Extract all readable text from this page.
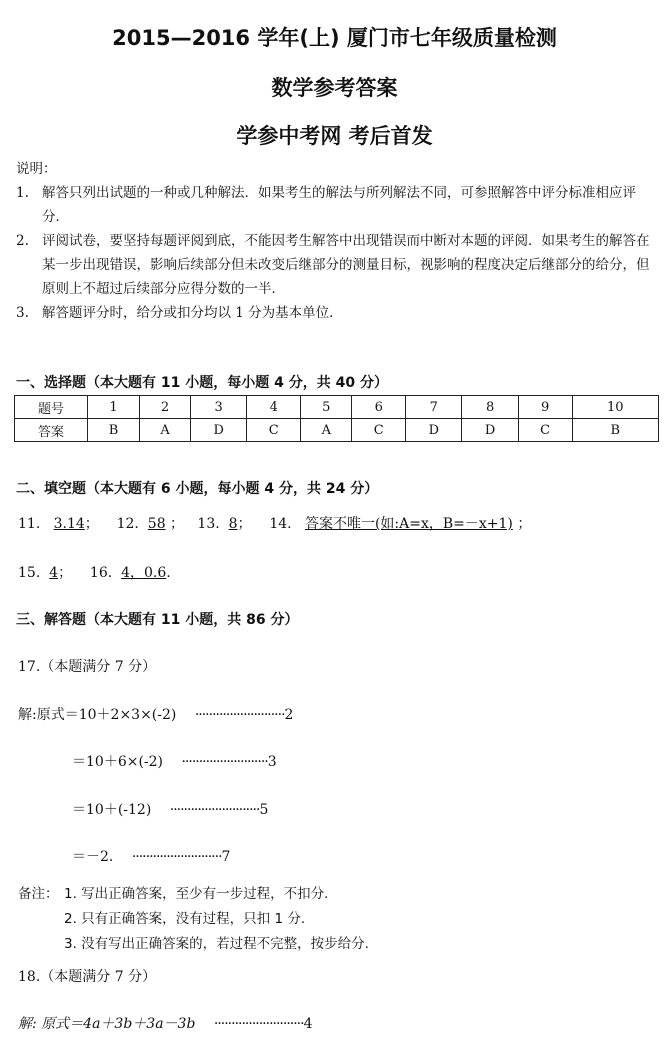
2015—2016 学年(上) 厦门市七年级质量检测
数学参考答案
学参中考网 考后首发
说明：
1. 解答只列出试题的一种或几种解法．如果考生的解法与所列解法不同，可参照解答中评分标准相应评分．
2. 评阅试卷，要坚持每题评阅到底，不能因考生解答中出现错误而中断对本题的评阅．如果考生的解答在某一步出现错误，影响后续部分但未改变后继部分的测量目标，视影响的程度决定后继部分的给分，但原则上不超过后续部分应得分数的一半．
3. 解答题评分时，给分或扣分均以 1 分为基本单位．
一、选择题（本大题有 11 小题，每小题 4 分，共 40 分）
题号	1	2	3	4	5	6	7	8	9	10
答案	B	A	D	C	A	C	D	D	C	B
二、填空题（本大题有 6 小题，每小题 4 分，共 24 分）
11. 3.14；    12. 58 ；   13. 8；    14. 答案不唯一(如:A=x，B=－x+1) ；
15. 4；    16. 4，0.6.
三、解答题（本大题有 11 小题，共 86 分）
17.（本题满分 7 分）
解:原式＝10＋2×3×(-2) ··························2
＝10＋6×(-2) ·························3
＝10＋(-12) ··························5
＝－2. ··························7
备注： 1. 写出正确答案，至少有一步过程，不扣分.
2. 只有正确答案，没有过程，只扣 1 分.
3. 没有写出正确答案的，若过程不完整，按步给分.
18.（本题满分 7 分）
解: 原式＝4a＋3b＋3a－3b ··························4
